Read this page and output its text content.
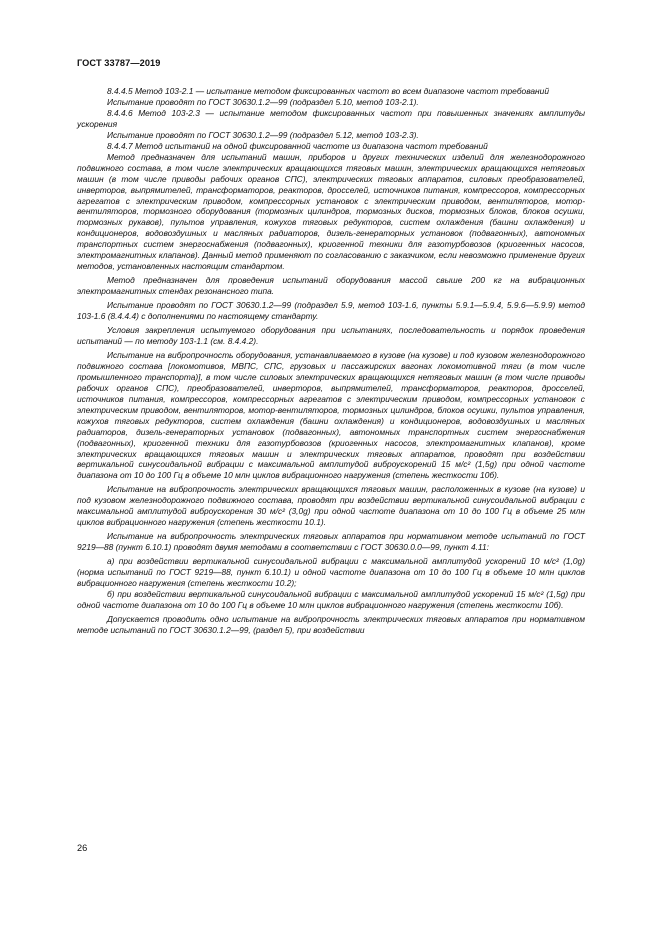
ГОСТ 33787—2019

8.4.4.5 Метод 103-2.1 — испытание методом фиксированных частот во всем диапазоне частот требований

Испытание проводят по ГОСТ 30630.1.2—99 (подраздел 5.10, метод 103-2.1).

8.4.4.6 Метод 103-2.3 — испытание методом фиксированных частот при повышенных значениях амплитуды ускорения

Испытание проводят по ГОСТ 30630.1.2—99 (подраздел 5.12, метод 103-2.3).

8.4.4.7 Метод испытаний на одной фиксированной частоте из диапазона частот требований

Метод предназначен для испытаний машин, приборов и других технических изделий для железнодорожного подвижного состава, в том числе электрических вращающихся тяговых машин, электрических вращающихся нетяговых машин (в том числе приводы рабочих органов СПС), электрических тяговых аппаратов, силовых преобразователей, инверторов, выпрямителей, трансформаторов, реакторов, дросселей, источников питания, компрессоров, компрессорных агрегатов с электрическим приводом, компрессорных установок с электрическим приводом, вентиляторов, мотор-вентиляторов, тормозного оборудования (тормозных цилиндров, тормозных дисков, тормозных блоков, блоков осушки, тормозных рукавов), пультов управления, кожухов тяговых редукторов, систем охлаждения (башни охлаждения) и кондиционеров, водовоздушных и масляных радиаторов, дизель-генераторных установок (подвагонных), автономных транспортных систем энергоснабжения (подвагонных), криогенной техники для газотурбовозов (криогенных насосов, электромагнитных клапанов). Данный метод применяют по согласованию с заказчиком, если невозможно применение других методов, установленных настоящим стандартом.

Метод предназначен для проведения испытаний оборудования массой свыше 200 кг на вибрационных электромагнитных стендах резонансного типа.

Испытание проводят по ГОСТ 30630.1.2—99 (подраздел 5.9, метод 103-1.6, пункты 5.9.1—5.9.4, 5.9.6—5.9.9) метод 103-1.6 (8.4.4.4) с дополнениями по настоящему стандарту.

Условия закрепления испытуемого оборудования при испытаниях, последовательность и порядок проведения испытаний — по методу 103-1.1 (см. 8.4.4.2).

Испытание на вибропрочность оборудования, устанавливаемого в кузове (на кузове) и под кузовом железнодорожного подвижного состава [локомотивов, МВПС, СПС, грузовых и пассажирских вагонах локомотивной тяги (в том числе промышленного транспорта)], в том числе силовых электрических вращающихся нетяговых машин (в том числе приводы рабочих органов СПС), преобразователей, инверторов, выпрямителей, трансформаторов, реакторов, дросселей, источников питания, компрессоров, компрессорных агрегатов с электрическим приводом, компрессорных установок с электрическим приводом, вентиляторов, мотор-вентиляторов, тормозных цилиндров, блоков осушки, пультов управления, кожухов тяговых редукторов, систем охлаждения (башни охлаждения) и кондиционеров, водовоздушных и масляных радиаторов, дизель-генераторных установок (подвагонных), автономных транспортных систем энергоснабжения (подвагонных), криогенной техники для газотурбовозов (криогенных насосов, электромагнитных клапанов), кроме электрических вращающихся тяговых машин и электрических тяговых аппаратов, проводят при воздействии вертикальной синусоидальной вибрации с максимальной амплитудой виброускорений 15 м/с² (1,5g) при одной частоте диапазона от 10 до 100 Гц в объеме 10 млн циклов вибрационного нагружения (степень жесткости 10б).

Испытание на вибропрочность электрических вращающихся тяговых машин, расположенных в кузове (на кузове) и под кузовом железнодорожного подвижного состава, проводят при воздействии вертикальной синусоидальной вибрации с максимальной амплитудой виброускорения 30 м/с² (3,0g) при одной частоте диапазона от 10 до 100 Гц в объеме 25 млн циклов вибрационного нагружения (степень жесткости 10.1).

Испытание на вибропрочность электрических тяговых аппаратов при нормативном методе испытаний по ГОСТ 9219—88 (пункт 6.10.1) проводят двумя методами в соответствии с ГОСТ 30630.0.0—99, пункт 4.11:

а) при воздействии вертикальной синусоидальной вибрации с максимальной амплитудой ускорений 10 м/с² (1,0g) (норма испытаний по ГОСТ 9219—88, пункт 6.10.1) и одной частоте диапазона от 10 до 100 Гц в объеме 10 млн циклов вибрационного нагружения (степень жесткости 10.2);

б) при воздействии вертикальной синусоидальной вибрации с максимальной амплитудой ускорений 15 м/с² (1,5g) при одной частоте диапазона от 10 до 100 Гц в объеме 10 млн циклов вибрационного нагружения (степень жесткости 10б).

Допускается проводить одно испытание на вибропрочность электрических тяговых аппаратов при нормативном методе испытаний по ГОСТ 30630.1.2—99, (раздел 5), при воздействии

26
